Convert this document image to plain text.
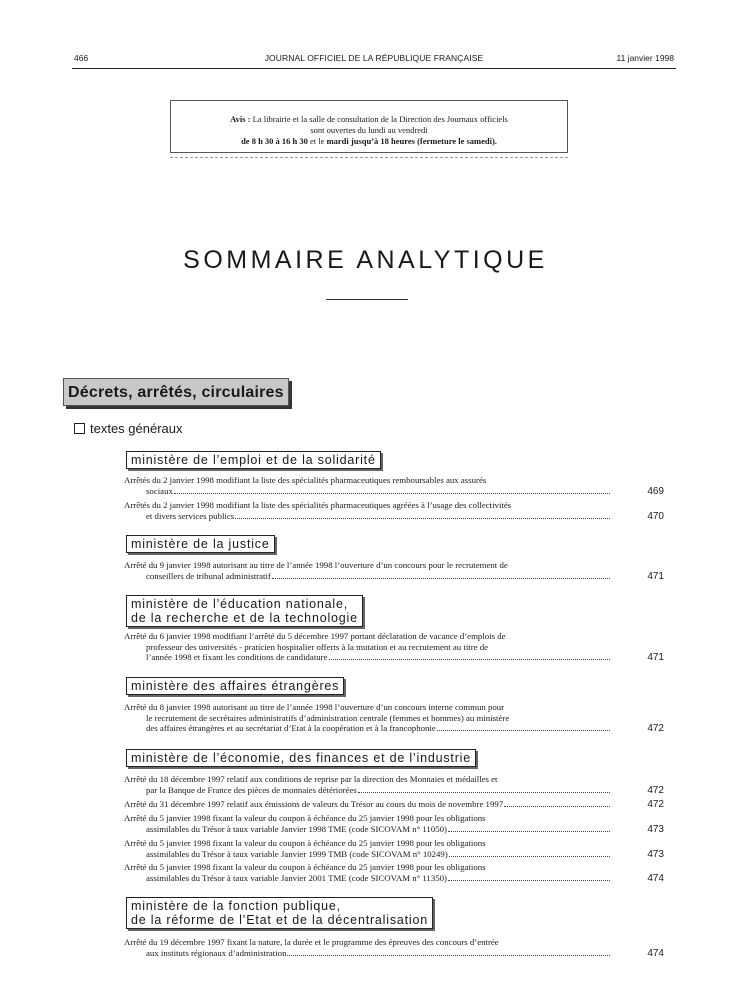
466	JOURNAL OFFICIEL DE LA RÉPUBLIQUE FRANÇAISE	11 janvier 1998
Avis : La librairie et la salle de consultation de la Direction des Journaux officiels
sont ouvertes du lundi au vendredi
de 8 h 30 à 16 h 30 et le mardi jusqu’à 18 heures (fermeture le samedi).
SOMMAIRE ANALYTIQUE
Décrets, arrêtés, circulaires
textes généraux
ministère de l’emploi et de la solidarité
Arrêtés du 2 janvier 1998 modifiant la liste des spécialités pharmaceutiques remboursables aux assurés
sociaux	469
Arrêtés du 2 janvier 1998 modifiant la liste des spécialités pharmaceutiques agréées à l’usage des collectivités
et divers services publics	470
ministère de la justice
Arrêté du 9 janvier 1998 autorisant au titre de l’année 1998 l’ouverture d’un concours pour le recrutement de
conseillers de tribunal administratif	471
ministère de l’éducation nationale,
de la recherche et de la technologie
Arrêté du 6 janvier 1998 modifiant l’arrêté du 5 décembre 1997 portant déclaration de vacance d’emplois de
professeur des universités - praticien hospitalier offerts à la mutation et au recrutement au titre de
l’année 1998 et fixant les conditions de candidature	471
ministère des affaires étrangères
Arrêté du 8 janvier 1998 autorisant au titre de l’année 1998 l’ouverture d’un concours interne commun pour
le recrutement de secrétaires administratifs d’administration centrale (femmes et hommes) au ministère
des affaires étrangères et au secrétariat d’Etat à la coopération et à la francophonie	472
ministère de l’économie, des finances et de l’industrie
Arrêté du 18 décembre 1997 relatif aux conditions de reprise par la direction des Monnaies et médailles et
par la Banque de France des pièces de monnaies détériorées	472
Arrêté du 31 décembre 1997 relatif aux émissions de valeurs du Trésor au cours du mois de novembre 1997	472
Arrêté du 5 janvier 1998 fixant la valeur du coupon à échéance du 25 janvier 1998 pour les obligations
assimilables du Trésor à taux variable Janvier 1998 TME (code SICOVAM n° 11050)	473
Arrêté du 5 janvier 1998 fixant la valeur du coupon à échéance du 25 janvier 1998 pour les obligations
assimilables du Trésor à taux variable Janvier 1999 TMB (code SICOVAM n° 10249)	473
Arrêté du 5 janvier 1998 fixant la valeur du coupon à échéance du 25 janvier 1998 pour les obligations
assimilables du Trésor à taux variable Janvier 2001 TME (code SICOVAM n° 11350)	474
ministère de la fonction publique,
de la réforme de l’Etat et de la décentralisation
Arrêté du 19 décembre 1997 fixant la nature, la durée et le programme des épreuves des concours d’entrée
aux instituts régionaux d’administration	474
